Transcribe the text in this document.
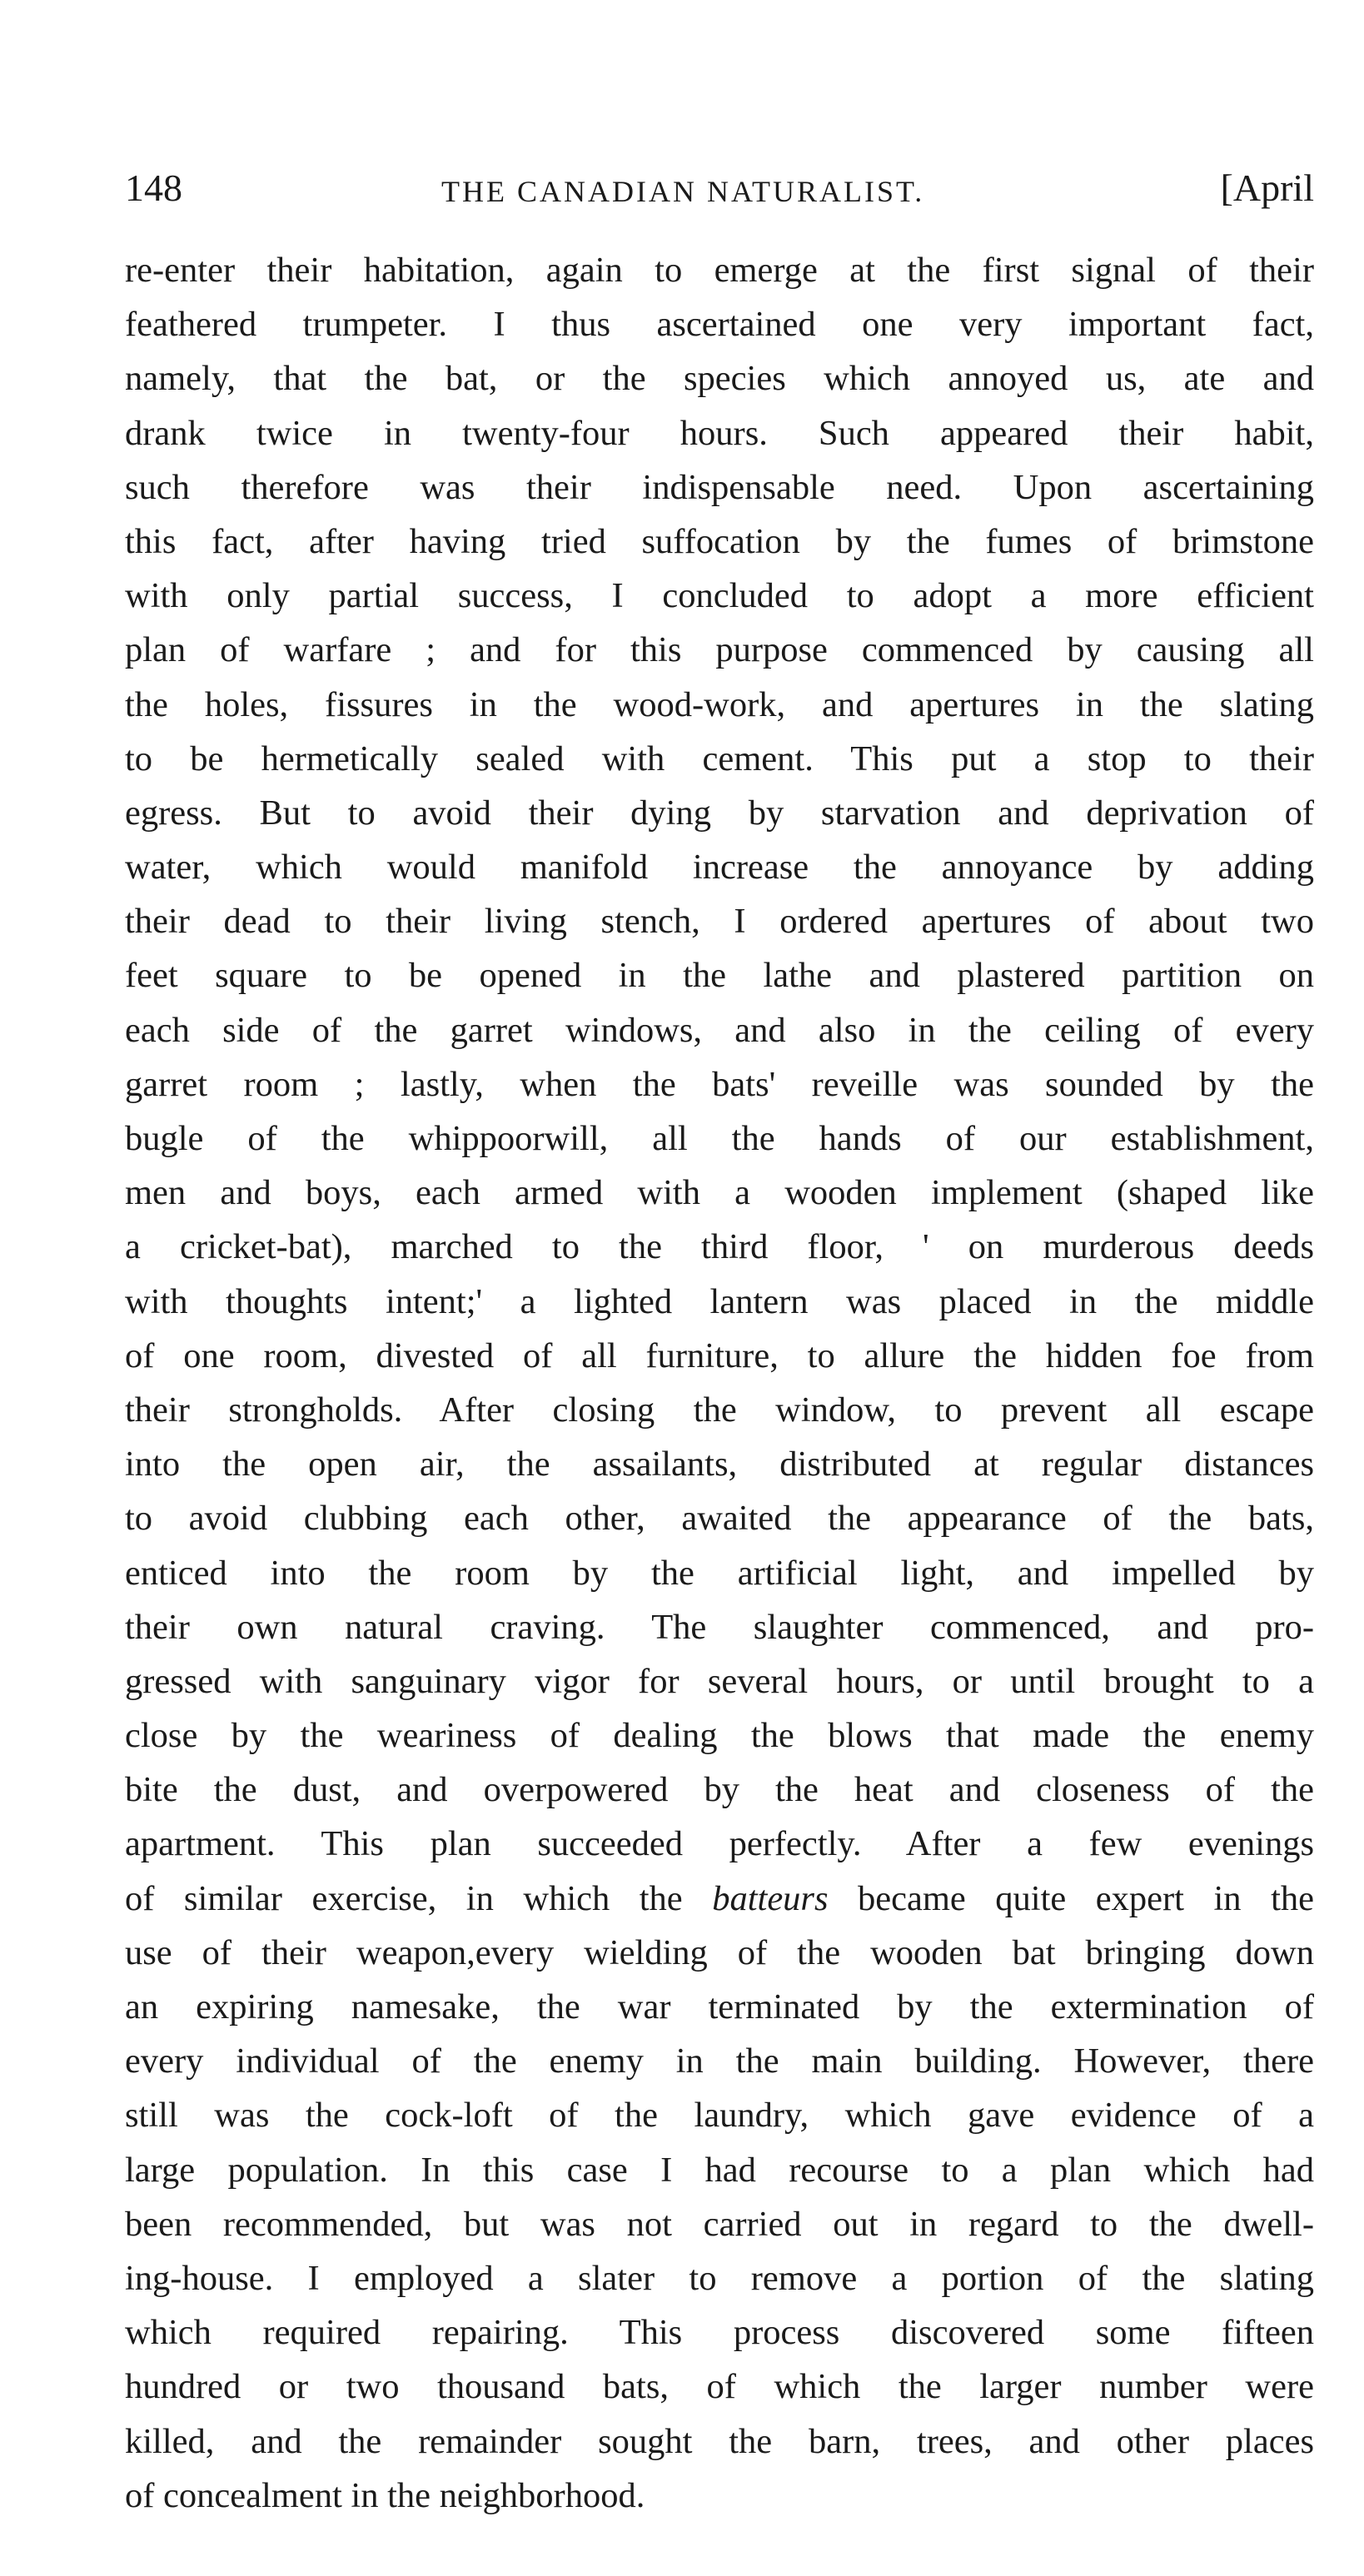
148	THE CANADIAN NATURALIST.	[April
re-enter their habitation, again to emerge at the first signal of their
feathered trumpeter. I thus ascertained one very important fact,
namely, that the bat, or the species which annoyed us, ate and
drank twice in twenty-four hours. Such appeared their habit,
such therefore was their indispensable need. Upon ascertaining
this fact, after having tried suffocation by the fumes of brimstone
with only partial success, I concluded to adopt a more efficient
plan of warfare ; and for this purpose commenced by causing all
the holes, fissures in the wood-work, and apertures in the slating
to be hermetically sealed with cement. This put a stop to their
egress. But to avoid their dying by starvation and deprivation of
water, which would manifold increase the annoyance by adding
their dead to their living stench, I ordered apertures of about two
feet square to be opened in the lathe and plastered partition on
each side of the garret windows, and also in the ceiling of every
garret room ; lastly, when the bats' reveille was sounded by the
bugle of the whippoorwill, all the hands of our establishment,
men and boys, each armed with a wooden implement (shaped like
a cricket-bat), marched to the third floor, ' on murderous deeds
with thoughts intent;' a lighted lantern was placed in the middle
of one room, divested of all furniture, to allure the hidden foe from
their strongholds. After closing the window, to prevent all escape
into the open air, the assailants, distributed at regular distances
to avoid clubbing each other, awaited the appearance of the bats,
enticed into the room by the artificial light, and impelled by
their own natural craving. The slaughter commenced, and pro-
gressed with sanguinary vigor for several hours, or until brought to a
close by the weariness of dealing the blows that made the enemy
bite the dust, and overpowered by the heat and closeness of the
apartment. This plan succeeded perfectly. After a few evenings
of similar exercise, in which the batteurs became quite expert in the
use of their weapon,every wielding of the wooden bat bringing down
an expiring namesake, the war terminated by the extermination of
every individual of the enemy in the main building. However, there
still was the cock-loft of the laundry, which gave evidence of a
large population. In this case I had recourse to a plan which had
been recommended, but was not carried out in regard to the dwell-
ing-house. I employed a slater to remove a portion of the slating
which required repairing. This process discovered some fifteen
hundred or two thousand bats, of which the larger number were
killed, and the remainder sought the barn, trees, and other places
of concealment in the neighborhood.
